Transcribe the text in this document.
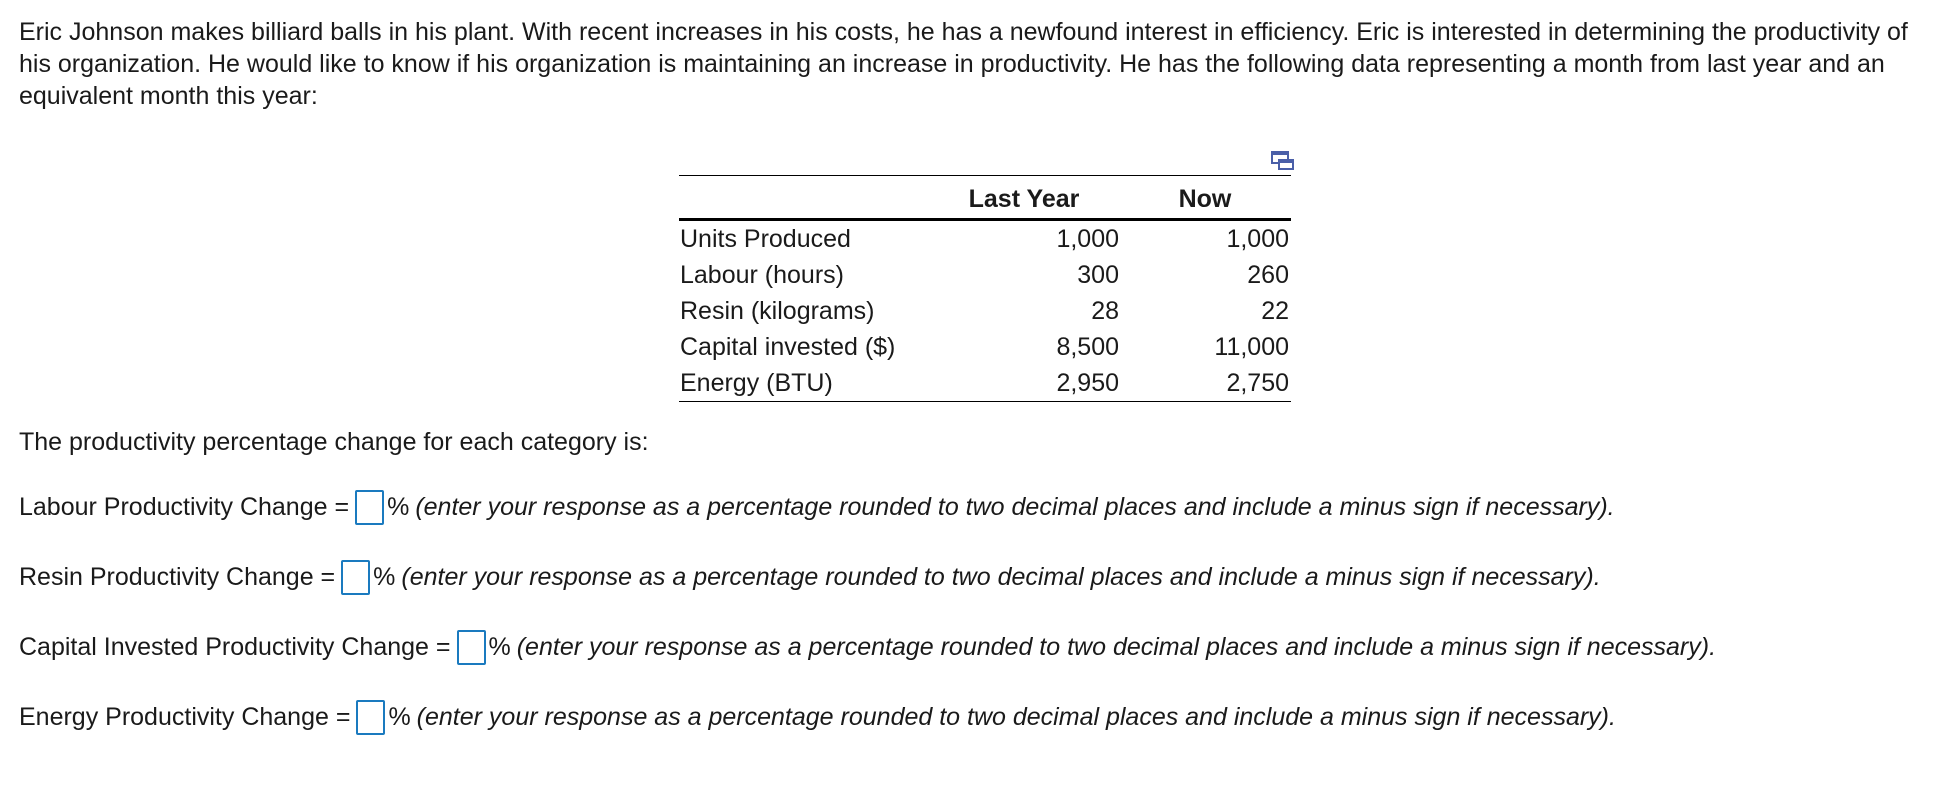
Eric Johnson makes billiard balls in his plant. With recent increases in his costs, he has a newfound interest in efficiency. Eric is interested in determining the productivity of his organization. He would like to know if his organization is maintaining an increase in productivity. He has the following data representing a month from last year and an equivalent month this year:

	Last Year	Now
Units Produced	1,000	1,000
Labour (hours)	300	260
Resin (kilograms)	28	22
Capital invested ($)	8,500	11,000
Energy (BTU)	2,950	2,750

The productivity percentage change for each category is:

Labour Productivity Change = % (enter your response as a percentage rounded to two decimal places and include a minus sign if necessary).
Resin Productivity Change = % (enter your response as a percentage rounded to two decimal places and include a minus sign if necessary).
Capital Invested Productivity Change = % (enter your response as a percentage rounded to two decimal places and include a minus sign if necessary).
Energy Productivity Change = % (enter your response as a percentage rounded to two decimal places and include a minus sign if necessary).
